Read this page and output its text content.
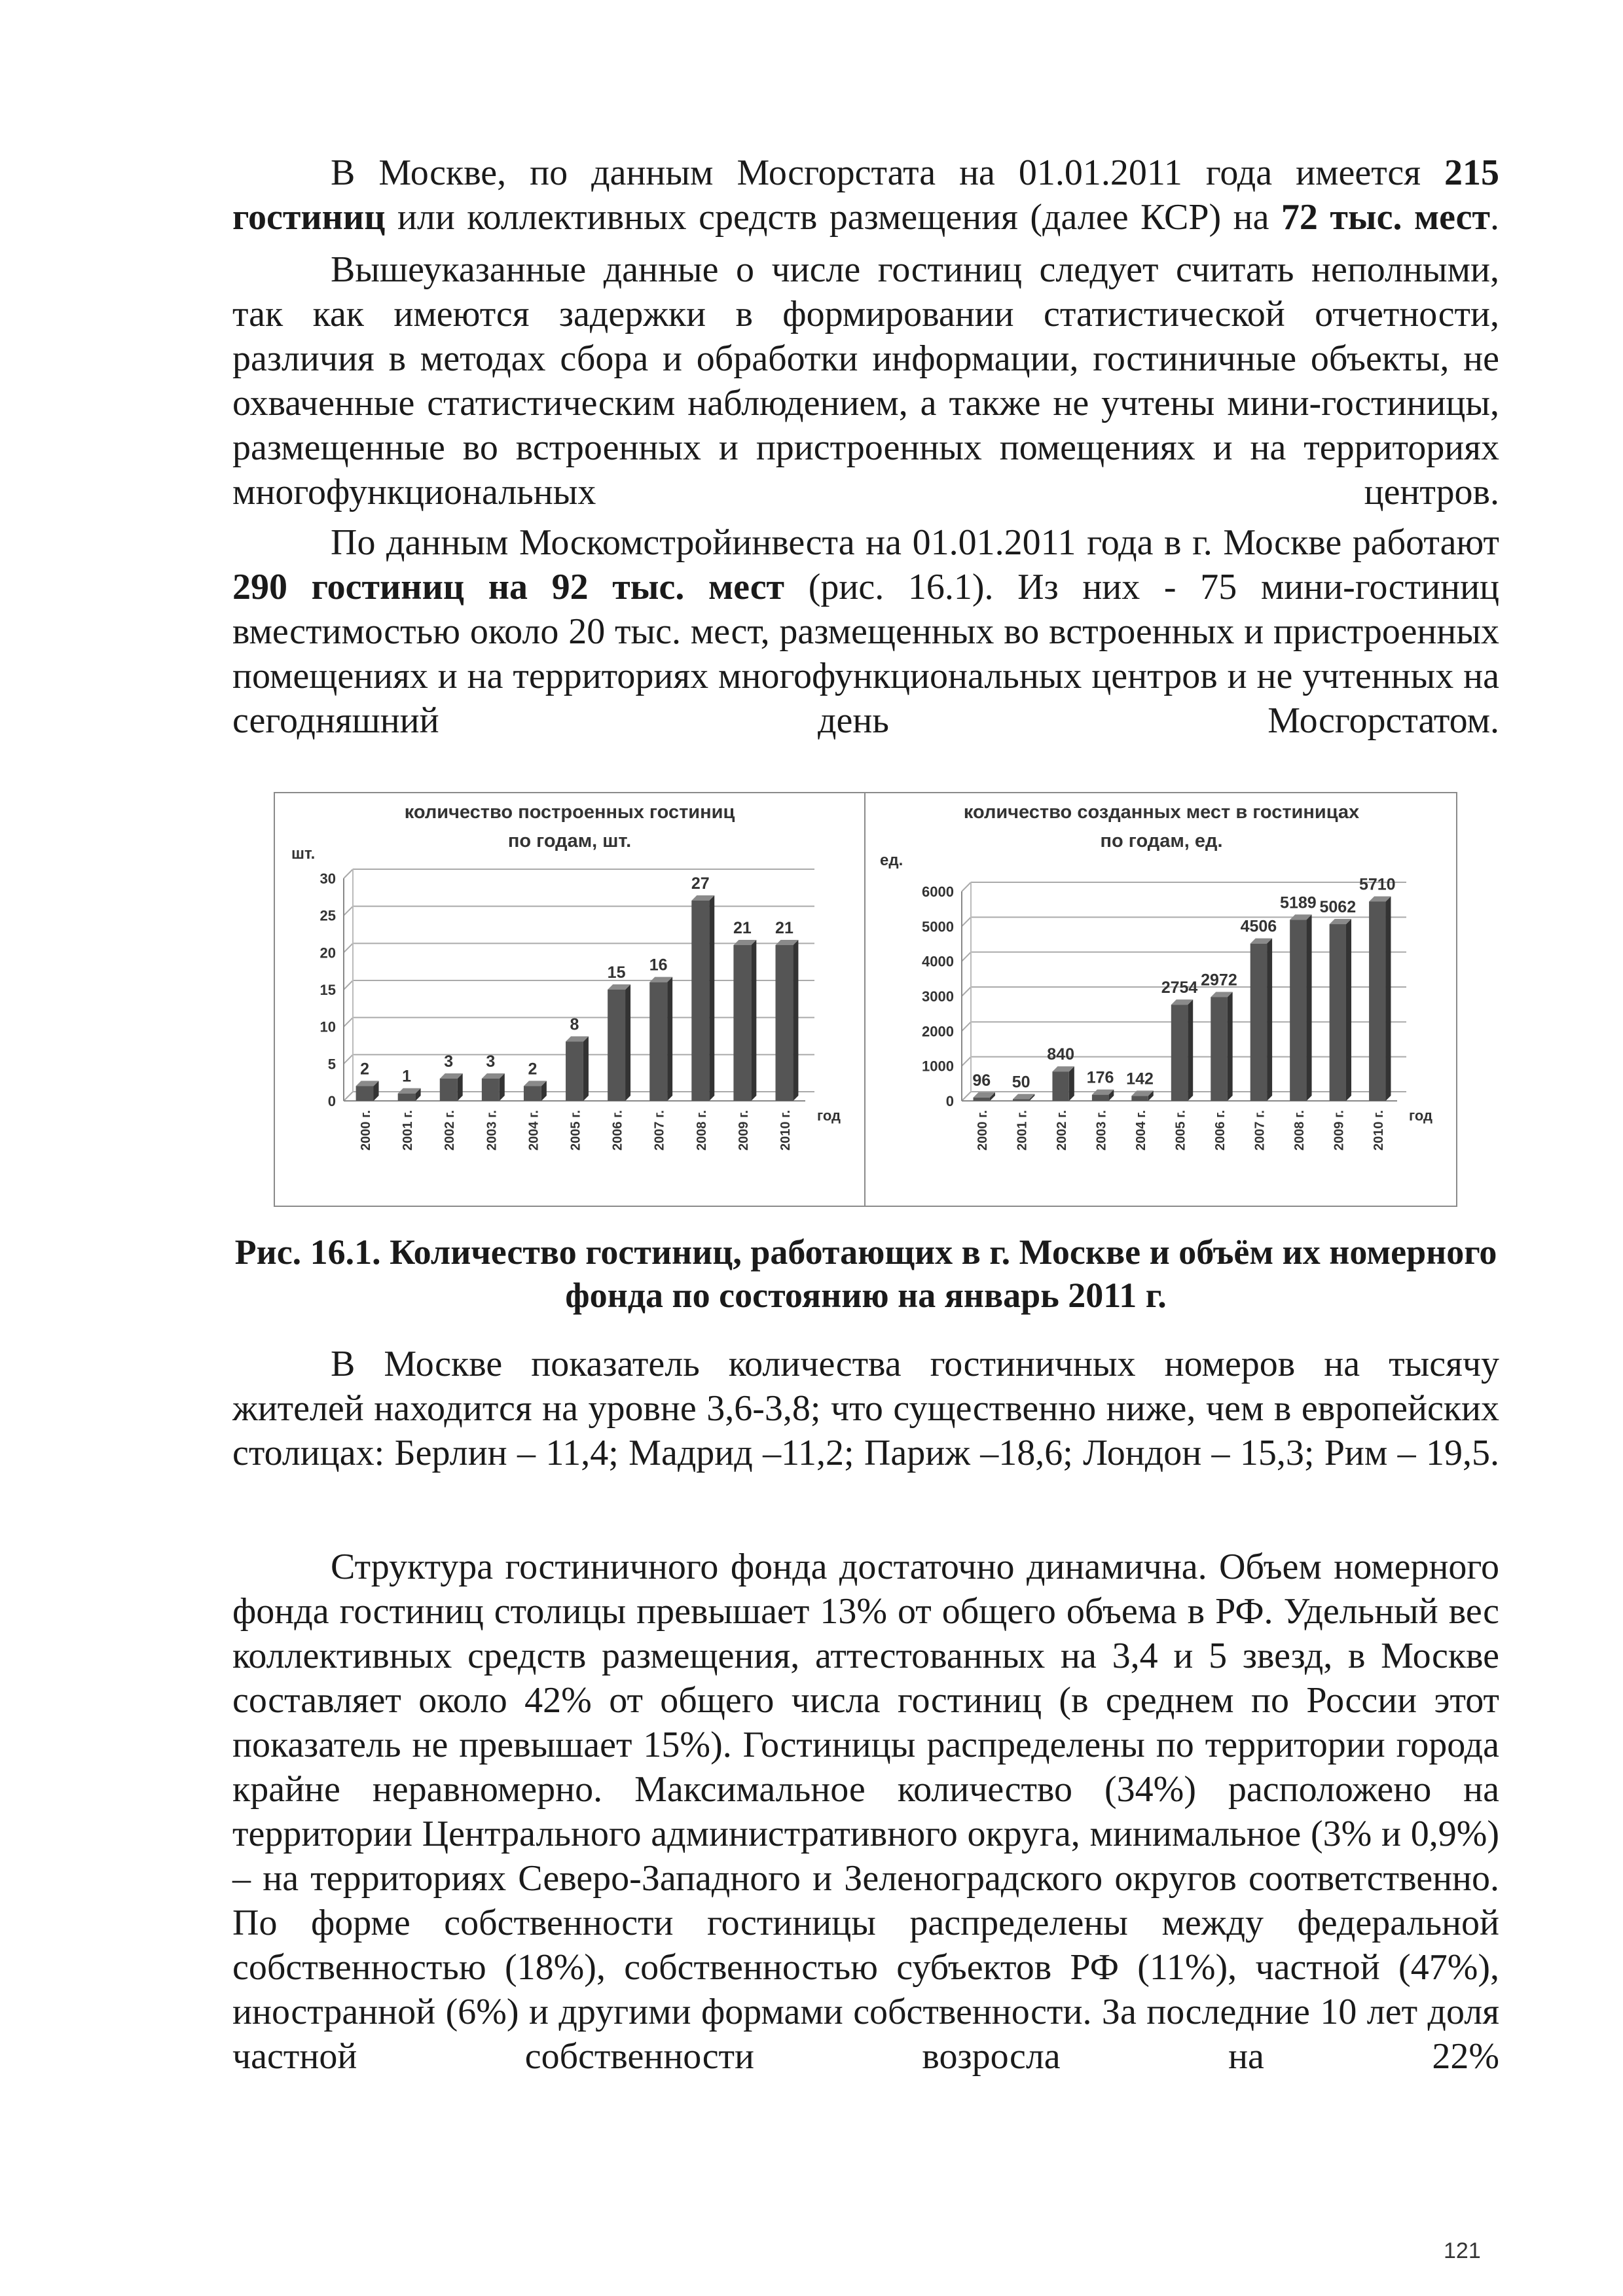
В Москве, по данным Мосгорстата на 01.01.2011 года имеется 215 гостиниц или коллективных средств размещения (далее КСР) на 72 тыс. мест.

Вышеуказанные данные о числе гостиниц следует считать неполными, так как имеются задержки в формировании статистической отчетности, различия в методах сбора и обработки информации, гостиничные объекты, не охваченные статистическим наблюдением, а также не учтены мини-гостиницы, размещенные во встроенных и пристроенных помещениях и на территориях многофункциональных центров.

По данным Москомстройинвеста на 01.01.2011 года в г. Москве работают 290 гостиниц на 92 тыс. мест (рис. 16.1). Из них - 75 мини-гостиниц вместимостью около 20 тыс. мест, размещенных во встроенных и пристроенных помещениях и на территориях многофункциональных центров и не учтенных на сегодняшний день Мосгорстатом.

количество построенных гостиниц
по годам, шт.
шт.
0
5
10
15
20
25
30
2
2000 г.
1
2001 г.
3
2002 г.
3
2003 г.
2
2004 г.
8
2005 г.
15
2006 г.
16
2007 г.
27
2008 г.
21
2009 г.
21
2010 г. год
количество созданных мест в гостиницах
по годам, ед.
ед.
0
1000
2000
3000
4000
5000
6000
96
2000 г.
50
2001 г.
840
2002 г.
176
2003 г.
142
2004 г.
2754
2005 г.
2972
2006 г.
4506
2007 г.
5189
2008 г.
5062
2009 г.
5710
2010 г. год
Рис. 16.1. Количество гостиниц, работающих в г. Москве и объём их номерного фонда по состоянию на январь 2011 г.

В Москве показатель количества гостиничных номеров на тысячу жителей находится на уровне 3,6-3,8; что существенно ниже, чем в европейских столицах: Берлин – 11,4; Мадрид –11,2; Париж –18,6; Лондон – 15,3; Рим – 19,5.

Структура гостиничного фонда достаточно динамична. Объем номерного фонда гостиниц столицы превышает 13% от общего объема в РФ. Удельный вес коллективных средств размещения, аттестованных на 3,4 и 5 звезд, в Москве составляет около 42% от общего числа гостиниц (в среднем по России этот показатель не превышает 15%). Гостиницы распределены по территории города крайне неравномерно. Максимальное количество (34%) расположено на территории Центрального административного округа, минимальное (3% и 0,9%) – на территориях Северо-Западного и Зеленоградского округов соответственно. По форме собственности гостиницы распределены между федеральной собственностью (18%), собственностью субъектов РФ (11%), частной (47%), иностранной (6%) и другими формами собственности. За последние 10 лет доля частной собственности возросла на 22%

121
